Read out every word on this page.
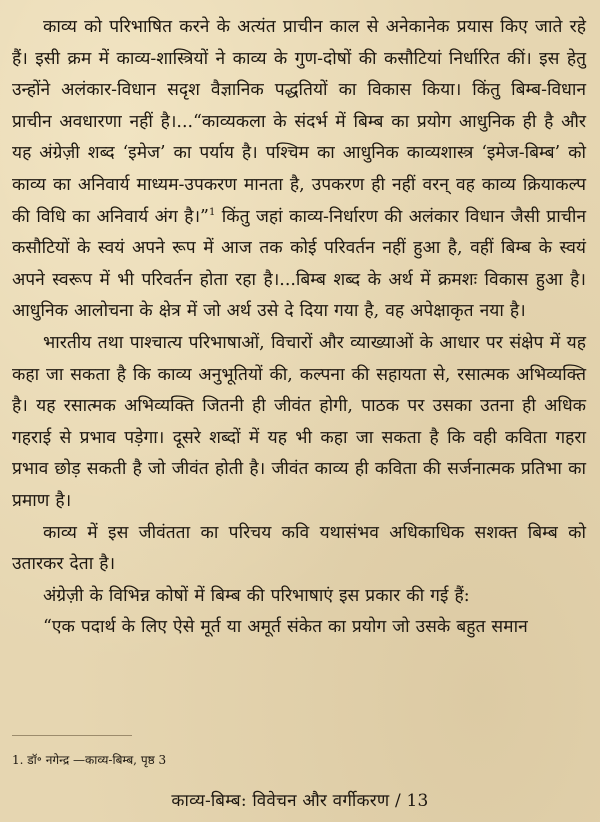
काव्य को परिभाषित करने के अत्यंत प्राचीन काल से अनेकानेक प्रयास किए जाते रहे हैं। इसी क्रम में काव्य-शास्त्रियों ने काव्य के गुण-दोषों की कसौटियां निर्धारित कीं। इस हेतु उन्होंने अलंकार-विधान सदृश वैज्ञानिक पद्धतियों का विकास किया। किंतु बिम्ब-विधान प्राचीन अवधारणा नहीं है।...“काव्यकला के संदर्भ में बिम्ब का प्रयोग आधुनिक ही है और यह अंग्रेज़ी शब्द ‘इमेज’ का पर्याय है। पश्चिम का आधुनिक काव्यशास्त्र ‘इमेज-बिम्ब’ को काव्य का अनिवार्य माध्यम-उपकरण मानता है, उपकरण ही नहीं वरन् वह काव्य क्रियाकल्प की विधि का अनिवार्य अंग है।”$^1$ किंतु जहां काव्य-निर्धारण की अलंकार विधान जैसी प्राचीन कसौटियों के स्वयं अपने रूप में आज तक कोई परिवर्तन नहीं हुआ है, वहीं बिम्ब के स्वयं अपने स्वरूप में भी परिवर्तन होता रहा है।...बिम्ब शब्द के अर्थ में क्रमशः विकास हुआ है। आधुनिक आलोचना के क्षेत्र में जो अर्थ उसे दे दिया गया है, वह अपेक्षाकृत नया है।

भारतीय तथा पाश्चात्य परिभाषाओं, विचारों और व्याख्याओं के आधार पर संक्षेप में यह कहा जा सकता है कि काव्य अनुभूतियों की, कल्पना की सहायता से, रसात्मक अभिव्यक्ति है। यह रसात्मक अभिव्यक्ति जितनी ही जीवंत होगी, पाठक पर उसका उतना ही अधिक गहराई से प्रभाव पड़ेगा। दूसरे शब्दों में यह भी कहा जा सकता है कि वही कविता गहरा प्रभाव छोड़ सकती है जो जीवंत होती है। जीवंत काव्य ही कविता की सर्जनात्मक प्रतिभा का प्रमाण है।

काव्य में इस जीवंतता का परिचय कवि यथासंभव अधिकाधिक सशक्त बिम्ब को उतारकर देता है।

अंग्रेज़ी के विभिन्न कोषों में बिम्ब की परिभाषाएं इस प्रकार की गई हैं:

“एक पदार्थ के लिए ऐसे मूर्त या अमूर्त संकेत का प्रयोग जो उसके बहुत समान

1. डॉ॰ नगेन्द्र —काव्य-बिम्ब, पृष्ठ 3
काव्य-बिम्ब: विवेचन और वर्गीकरण / 13
